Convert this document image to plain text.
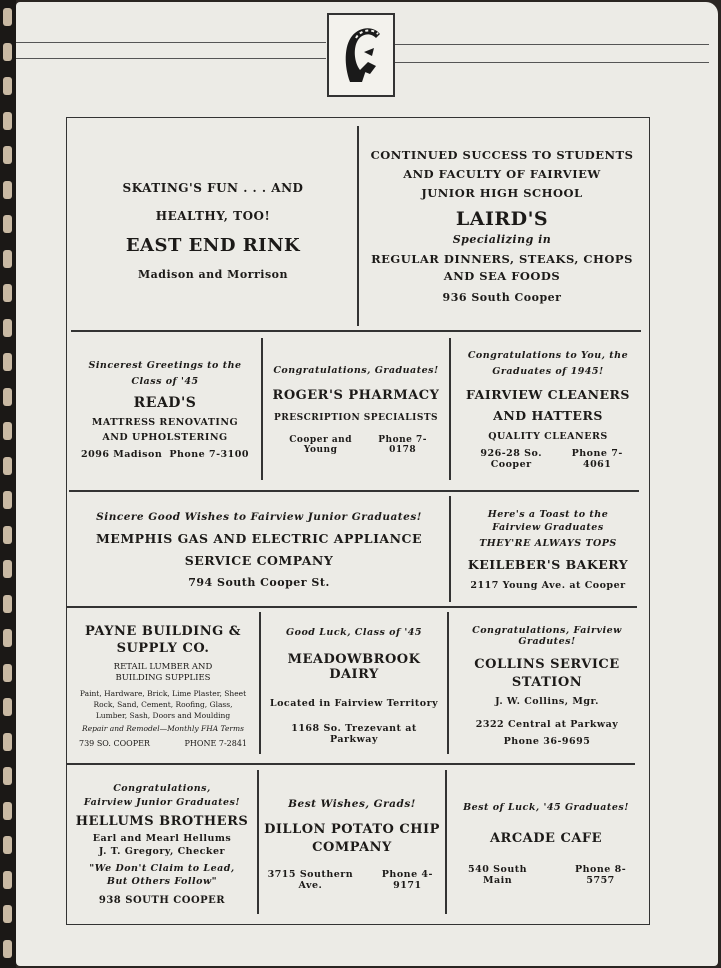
SKATING'S FUN . . . AND

HEALTHY, TOO!

EAST END RINK

Madison and Morrison

CONTINUED SUCCESS TO STUDENTS

AND FACULTY OF FAIRVIEW

JUNIOR HIGH SCHOOL

LAIRD'S

Specializing in

REGULAR DINNERS, STEAKS, CHOPS

AND SEA FOODS

936 South Cooper

Sincerest Greetings to the

Class of '45

READ'S

MATTRESS RENOVATING

AND UPHOLSTERING

2096 Madison Phone 7-3100

Congratulations, Graduates!

ROGER'S PHARMACY

PRESCRIPTION SPECIALISTS

Cooper and Young
Phone 7-0178

Congratulations to You, the

Graduates of 1945!

FAIRVIEW CLEANERS

AND HATTERS

QUALITY CLEANERS

926-28 So. Cooper
Phone 7-4061

Sincere Good Wishes to Fairview Junior Graduates!

MEMPHIS GAS AND ELECTRIC APPLIANCE

SERVICE COMPANY

794 South Cooper St.

Here's a Toast to the

Fairview Graduates

THEY'RE ALWAYS TOPS

KEILEBER'S BAKERY

2117 Young Ave. at Cooper

PAYNE BUILDING &

SUPPLY CO.

RETAIL LUMBER AND

BUILDING SUPPLIES

Paint, Hardware, Brick, Lime Plaster, Sheet

Rock, Sand, Cement, Roofing, Glass,

Lumber, Sash, Doors and Moulding

Repair and Remodel—Monthly FHA Terms

739 SO. COOPER	PHONE 7-2841

Good Luck, Class of '45

MEADOWBROOK DAIRY

Located in Fairview Territory

1168 So. Trezevant at Parkway

Congratulations, Fairview Gradutes!

COLLINS SERVICE

STATION

J. W. Collins, Mgr.

2322 Central at Parkway

Phone 36-9695

Congratulations,

Fairview Junior Graduates!

HELLUMS BROTHERS

Earl and Mearl Hellums

J. T. Gregory, Checker

"We Don't Claim to Lead,

But Others Follow"

938 SOUTH COOPER

Best Wishes, Grads!

DILLON POTATO CHIP

COMPANY

3715 Southern Ave.
Phone 4-9171

Best of Luck, '45 Graduates!

ARCADE CAFE

540 South Main
Phone 8-5757
